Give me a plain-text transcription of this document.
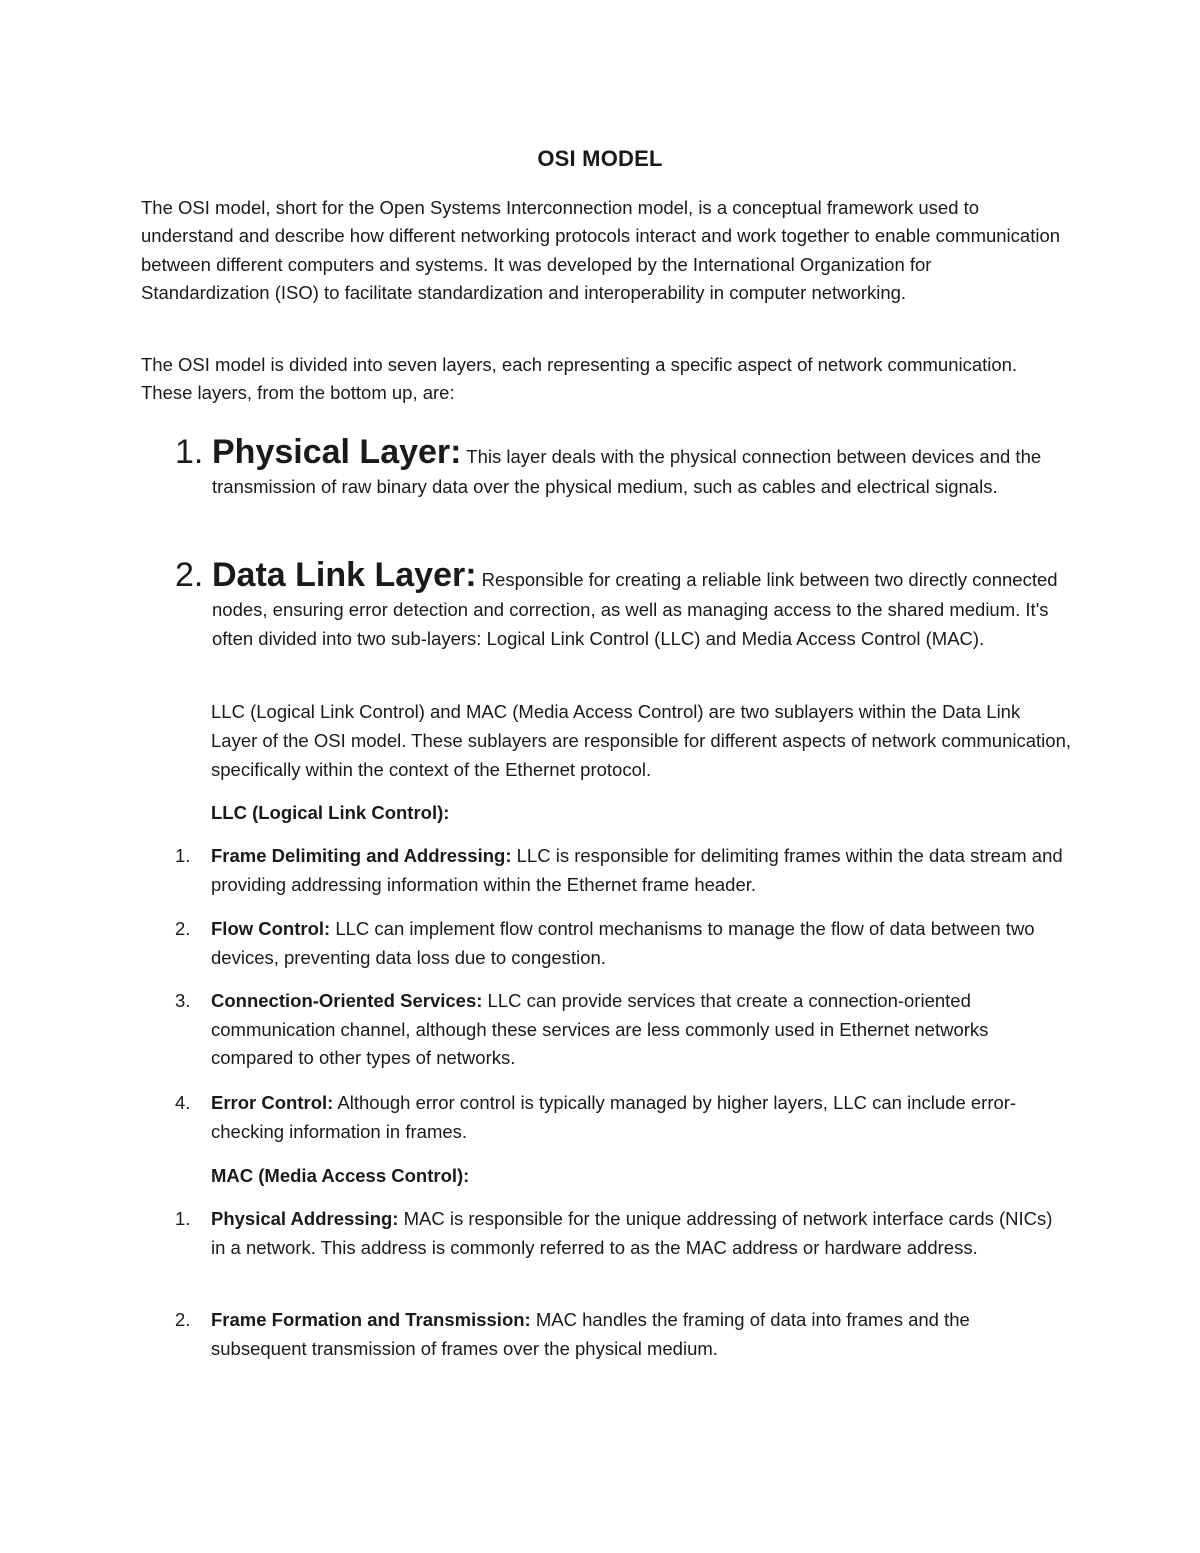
OSI MODEL

The OSI model, short for the Open Systems Interconnection model, is a conceptual framework used to understand and describe how different networking protocols interact and work together to enable communication between different computers and systems. It was developed by the International Organization for Standardization (ISO) to facilitate standardization and interoperability in computer networking.

The OSI model is divided into seven layers, each representing a specific aspect of network communication. These layers, from the bottom up, are:

1. Physical Layer: This layer deals with the physical connection between devices and the transmission of raw binary data over the physical medium, such as cables and electrical signals.
2. Data Link Layer: Responsible for creating a reliable link between two directly connected nodes, ensuring error detection and correction, as well as managing access to the shared medium. It's often divided into two sub-layers: Logical Link Control (LLC) and Media Access Control (MAC).
LLC (Logical Link Control) and MAC (Media Access Control) are two sublayers within the Data Link Layer of the OSI model. These sublayers are responsible for different aspects of network communication, specifically within the context of the Ethernet protocol.
LLC (Logical Link Control):
1. Frame Delimiting and Addressing: LLC is responsible for delimiting frames within the data stream and providing addressing information within the Ethernet frame header.
2. Flow Control: LLC can implement flow control mechanisms to manage the flow of data between two devices, preventing data loss due to congestion.
3. Connection-Oriented Services: LLC can provide services that create a connection-oriented communication channel, although these services are less commonly used in Ethernet networks compared to other types of networks.
4. Error Control: Although error control is typically managed by higher layers, LLC can include error-checking information in frames.
MAC (Media Access Control):
1. Physical Addressing: MAC is responsible for the unique addressing of network interface cards (NICs) in a network. This address is commonly referred to as the MAC address or hardware address.
2. Frame Formation and Transmission: MAC handles the framing of data into frames and the subsequent transmission of frames over the physical medium.
